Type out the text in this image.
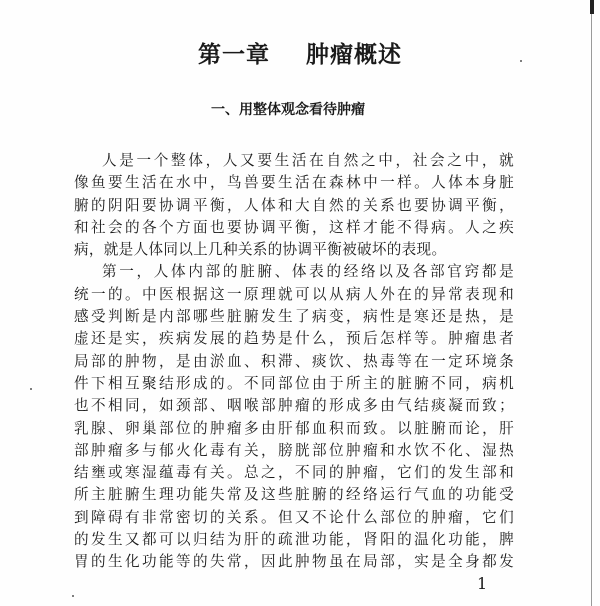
第一章    肿瘤概述
一、用整体观念看待肿瘤
人是一个整体，人又要生活在自然之中，社会之中，就
像鱼要生活在水中，鸟兽要生活在森林中一样。人体本身脏
腑的阴阳要协调平衡，人体和大自然的关系也要协调平衡，
和社会的各个方面也要协调平衡，这样才能不得病。人之疾
病，就是人体同以上几种关系的协调平衡被破坏的表现。
第一，人体内部的脏腑、体表的经络以及各部官窍都是
统一的。中医根据这一原理就可以从病人外在的异常表现和
感受判断是内部哪些脏腑发生了病变，病性是寒还是热，是
虚还是实，疾病发展的趋势是什么，预后怎样等。肿瘤患者
局部的肿物，是由淤血、积滞、痰饮、热毒等在一定环境条
件下相互聚结形成的。不同部位由于所主的脏腑不同，病机
也不相同，如颈部、咽喉部肿瘤的形成多由气结痰凝而致；
乳腺、卵巢部位的肿瘤多由肝郁血积而致。以脏腑而论，肝
部肿瘤多与郁火化毒有关，膀胱部位肿瘤和水饮不化、湿热
结壅或寒湿蕴毒有关。总之，不同的肿瘤，它们的发生部和
所主脏腑生理功能失常及这些脏腑的经络运行气血的功能受
到障碍有非常密切的关系。但又不论什么部位的肿瘤，它们
的发生又都可以归结为肝的疏泄功能，肾阳的温化功能，脾
胃的生化功能等的失常，因此肿物虽在局部，实是全身都发
1
